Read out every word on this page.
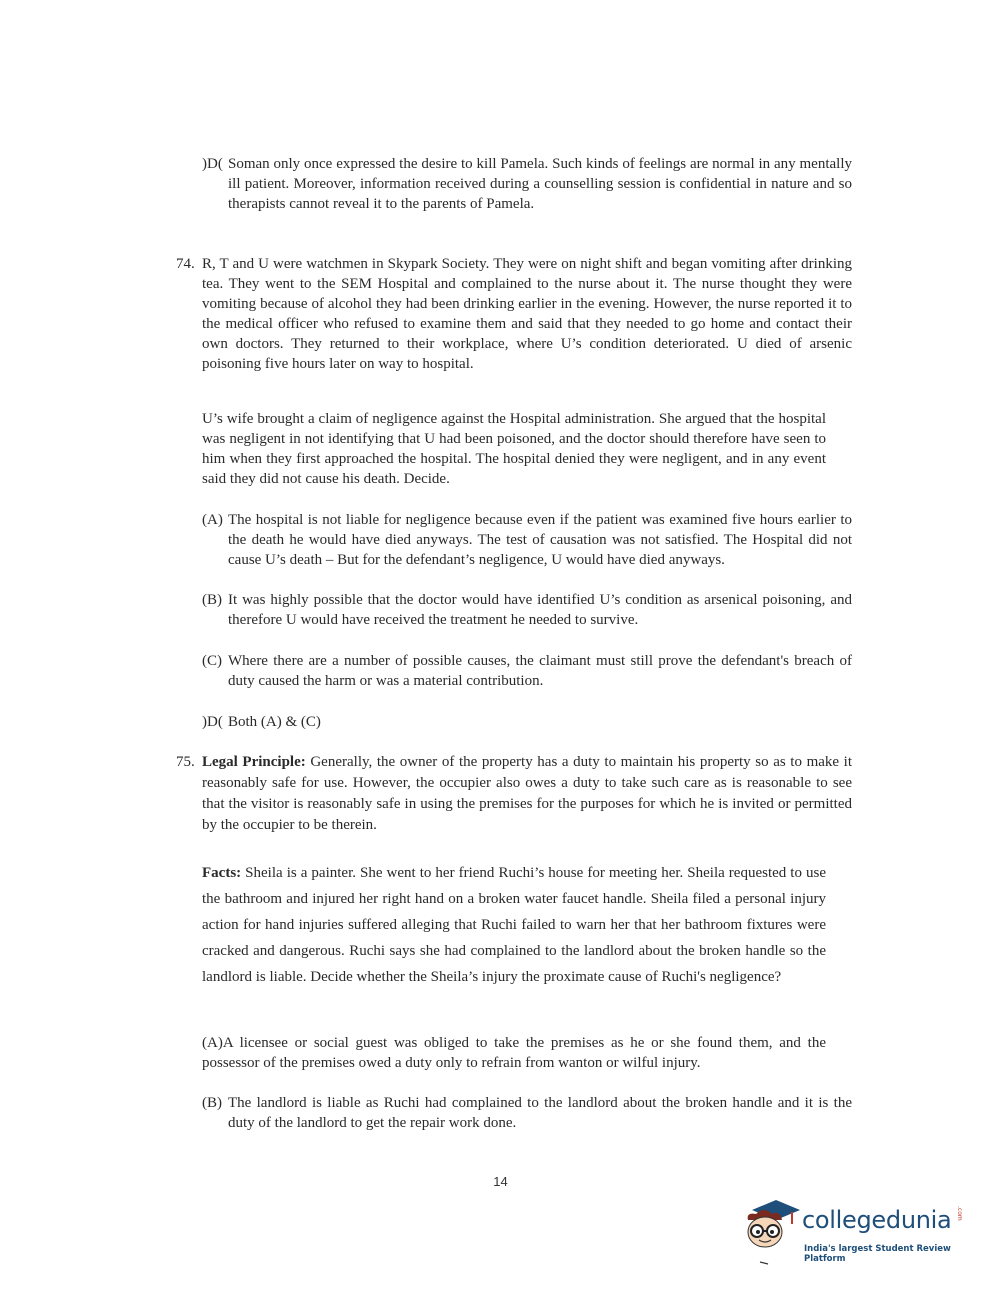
)D( Soman only once expressed the desire to kill Pamela. Such kinds of feelings are normal in any mentally ill patient. Moreover, information received during a counselling session is confidential in nature and so therapists cannot reveal it to the parents of Pamela.
74. R, T and U were watchmen in Skypark Society. They were on night shift and began vomiting after drinking tea. They went to the SEM Hospital and complained to the nurse about it. The nurse thought they were vomiting because of alcohol they had been drinking earlier in the evening. However, the nurse reported it to the medical officer who refused to examine them and said that they needed to go home and contact their own doctors. They returned to their workplace, where U’s condition deteriorated. U died of arsenic poisoning five hours later on way to hospital.
U’s wife brought a claim of negligence against the Hospital administration. She argued that the hospital was negligent in not identifying that U had been poisoned, and the doctor should therefore have seen to him when they first approached the hospital. The hospital denied they were negligent, and in any event said they did not cause his death. Decide.
(A) The hospital is not liable for negligence because even if the patient was examined five hours earlier to the death he would have died anyways. The test of causation was not satisfied. The Hospital did not cause U’s death – But for the defendant’s negligence, U would have died anyways.
(B) It was highly possible that the doctor would have identified U’s condition as arsenical poisoning, and therefore U would have received the treatment he needed to survive.
(C) Where there are a number of possible causes, the claimant must still prove the defendant's breach of duty caused the harm or was a material contribution.
)D( Both (A) & (C)
75. Legal Principle: Generally, the owner of the property has a duty to maintain his property so as to make it reasonably safe for use. However, the occupier also owes a duty to take such care as is reasonable to see that the visitor is reasonably safe in using the premises for the purposes for which he is invited or permitted by the occupier to be therein.
Facts: Sheila is a painter. She went to her friend Ruchi’s house for meeting her. Sheila requested to use the bathroom and injured her right hand on a broken water faucet handle. Sheila filed a personal injury action for hand injuries suffered alleging that Ruchi failed to warn her that her bathroom fixtures were cracked and dangerous. Ruchi says she had complained to the landlord about the broken handle so the landlord is liable. Decide whether the Sheila’s injury the proximate cause of Ruchi's negligence?
(A)A licensee or social guest was obliged to take the premises as he or she found them, and the possessor of the premises owed a duty only to refrain from wanton or wilful injury.
(B) The landlord is liable as Ruchi had complained to the landlord about the broken handle and it is the duty of the landlord to get the repair work done.
14
collegedunia .com
India's largest Student Review Platform
